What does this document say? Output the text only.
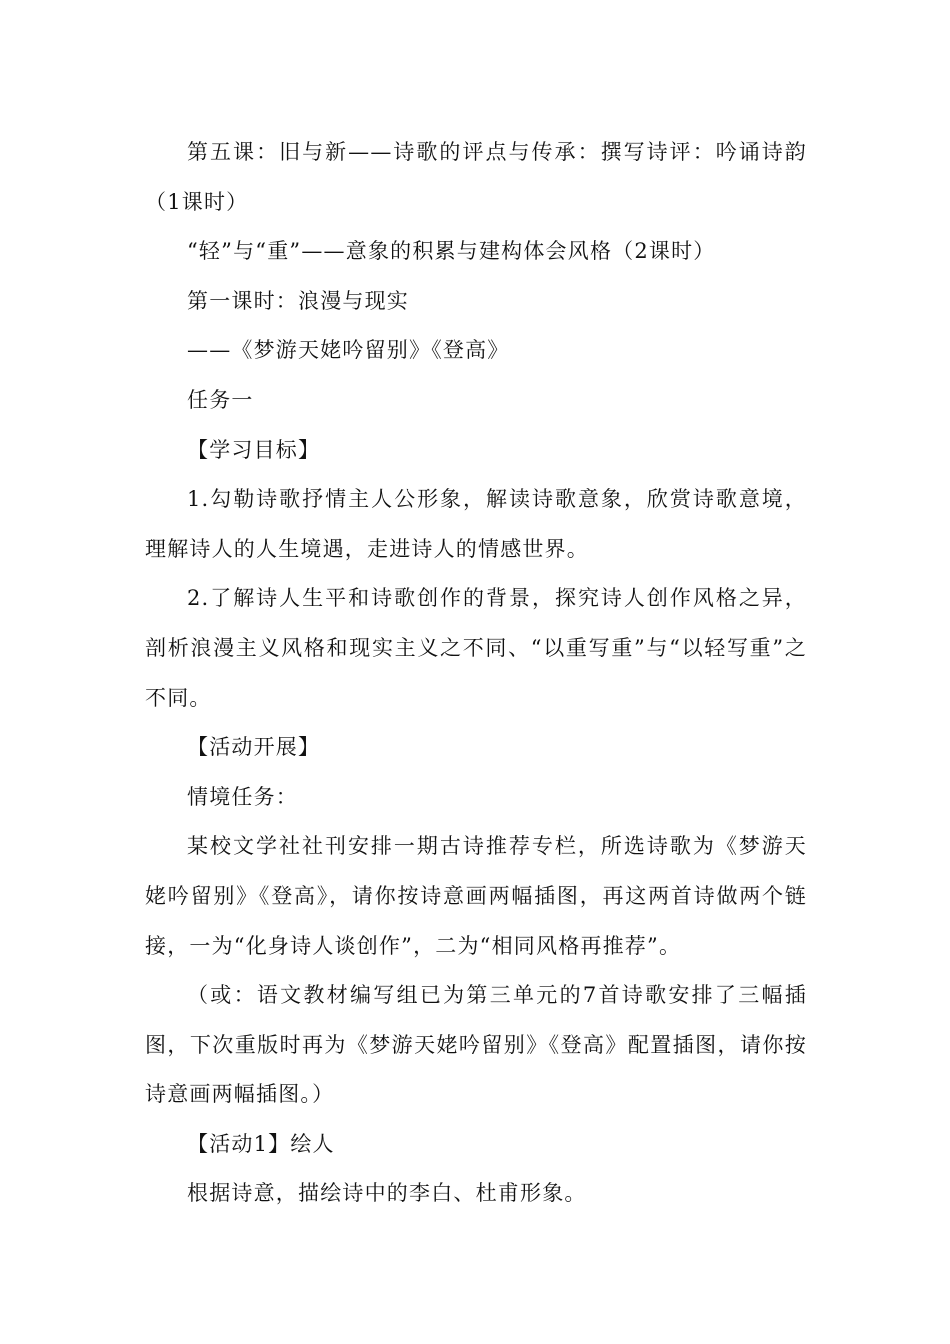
第五课：旧与新——诗歌的评点与传承：撰写诗评：吟诵诗韵（1课时）

“轻”与“重”——意象的积累与建构体会风格（2课时）

第一课时：浪漫与现实

——《梦游天姥吟留别》《登高》

任务一

【学习目标】

1.勾勒诗歌抒情主人公形象，解读诗歌意象，欣赏诗歌意境，理解诗人的人生境遇，走进诗人的情感世界。

2.了解诗人生平和诗歌创作的背景，探究诗人创作风格之异，剖析浪漫主义风格和现实主义之不同、“以重写重”与“以轻写重”之不同。

【活动开展】

情境任务：

某校文学社社刊安排一期古诗推荐专栏，所选诗歌为《梦游天姥吟留别》《登高》，请你按诗意画两幅插图，再这两首诗做两个链接，一为“化身诗人谈创作”，二为“相同风格再推荐”。

（或：语文教材编写组已为第三单元的7首诗歌安排了三幅插图，下次重版时再为《梦游天姥吟留别》《登高》配置插图，请你按诗意画两幅插图。）

【活动1】绘人

根据诗意，描绘诗中的李白、杜甫形象。
